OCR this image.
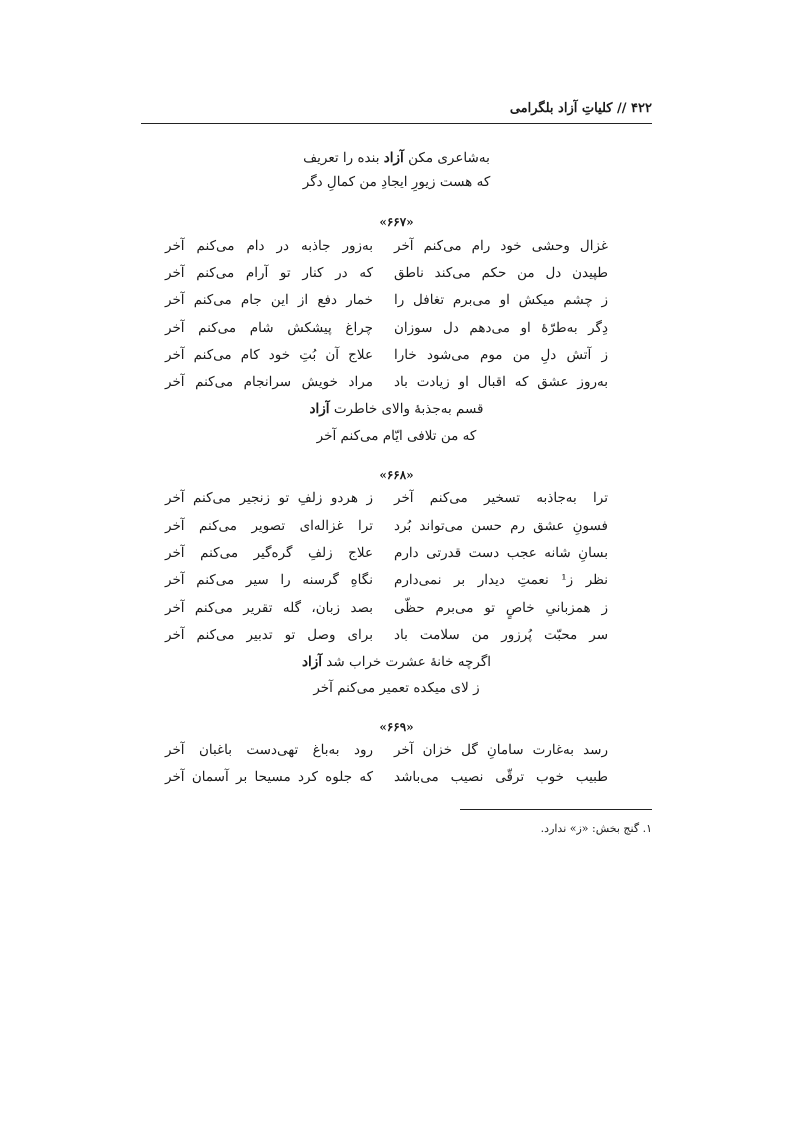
۴۲۲ // کلیاتِ آزاد بلگرامی
به‌شاعری مکن آزاد بنده را تعریف
که هست زیورِ ایجادِ من کمالِ دگر
«۶۶۷»
غزال وحشی خود رام می‌کنم آخر
به‌زور جاذبه در دام می‌کنم آخر
طپیدن دل من حکم می‌کند ناطق
که در کنار تو آرام می‌کنم آخر
ز چشم میکش او می‌برم تغافل را
خمار دفع از این جام می‌کنم آخر
دِگر به‌طرّهٔ او می‌دهم دل سوزان
چراغ پیشکش شام می‌کنم آخر
ز آتش دلِ من موم می‌شود خارا
علاج آن بُتِ خود کام می‌کنم آخر
به‌روز عشق که اقبال او زیادت باد
مراد خویش سرانجام می‌کنم آخر
قسم به‌جذبهٔ والای خاطرت آزاد
که من تلافی ایّام می‌کنم آخر
«۶۶۸»
ترا به‌جاذبه تسخیر می‌کنم آخر
ز هردو زلفِ تو زنجیر می‌کنم آخر
فسونِ عشق رم حسن می‌تواند بُرد
ترا غزاله‌ای تصویر می‌کنم آخر
بسانِ شانه عجب دست قدرتی دارم
علاج زلفِ گره‌گیر می‌کنم آخر
نظر ز¹ نعمتِ دیدار بر نمی‌دارم
نگاهِ گرسنه را سیر می‌کنم آخر
ز همزبانیِ خاصٍ تو می‌برم حظّی
بصد زبان، گله تقریر می‌کنم آخر
سر محبّت پُرزور من سلامت باد
برای وصل تو تدبیر می‌کنم آخر
اگرچه خانهٔ عشرت خراب شد آزاد
ز لای میکده تعمیر می‌کنم آخر
«۶۶۹»
رسد به‌غارت سامانِ گل خزان آخر
رود به‌باغ تهی‌دست باغبان آخر
طبیب خوب ترقّی نصیب می‌باشد
که جلوه کرد مسیحا بر آسمان آخر
۱. گنج بخش: «ز» ندارد.
